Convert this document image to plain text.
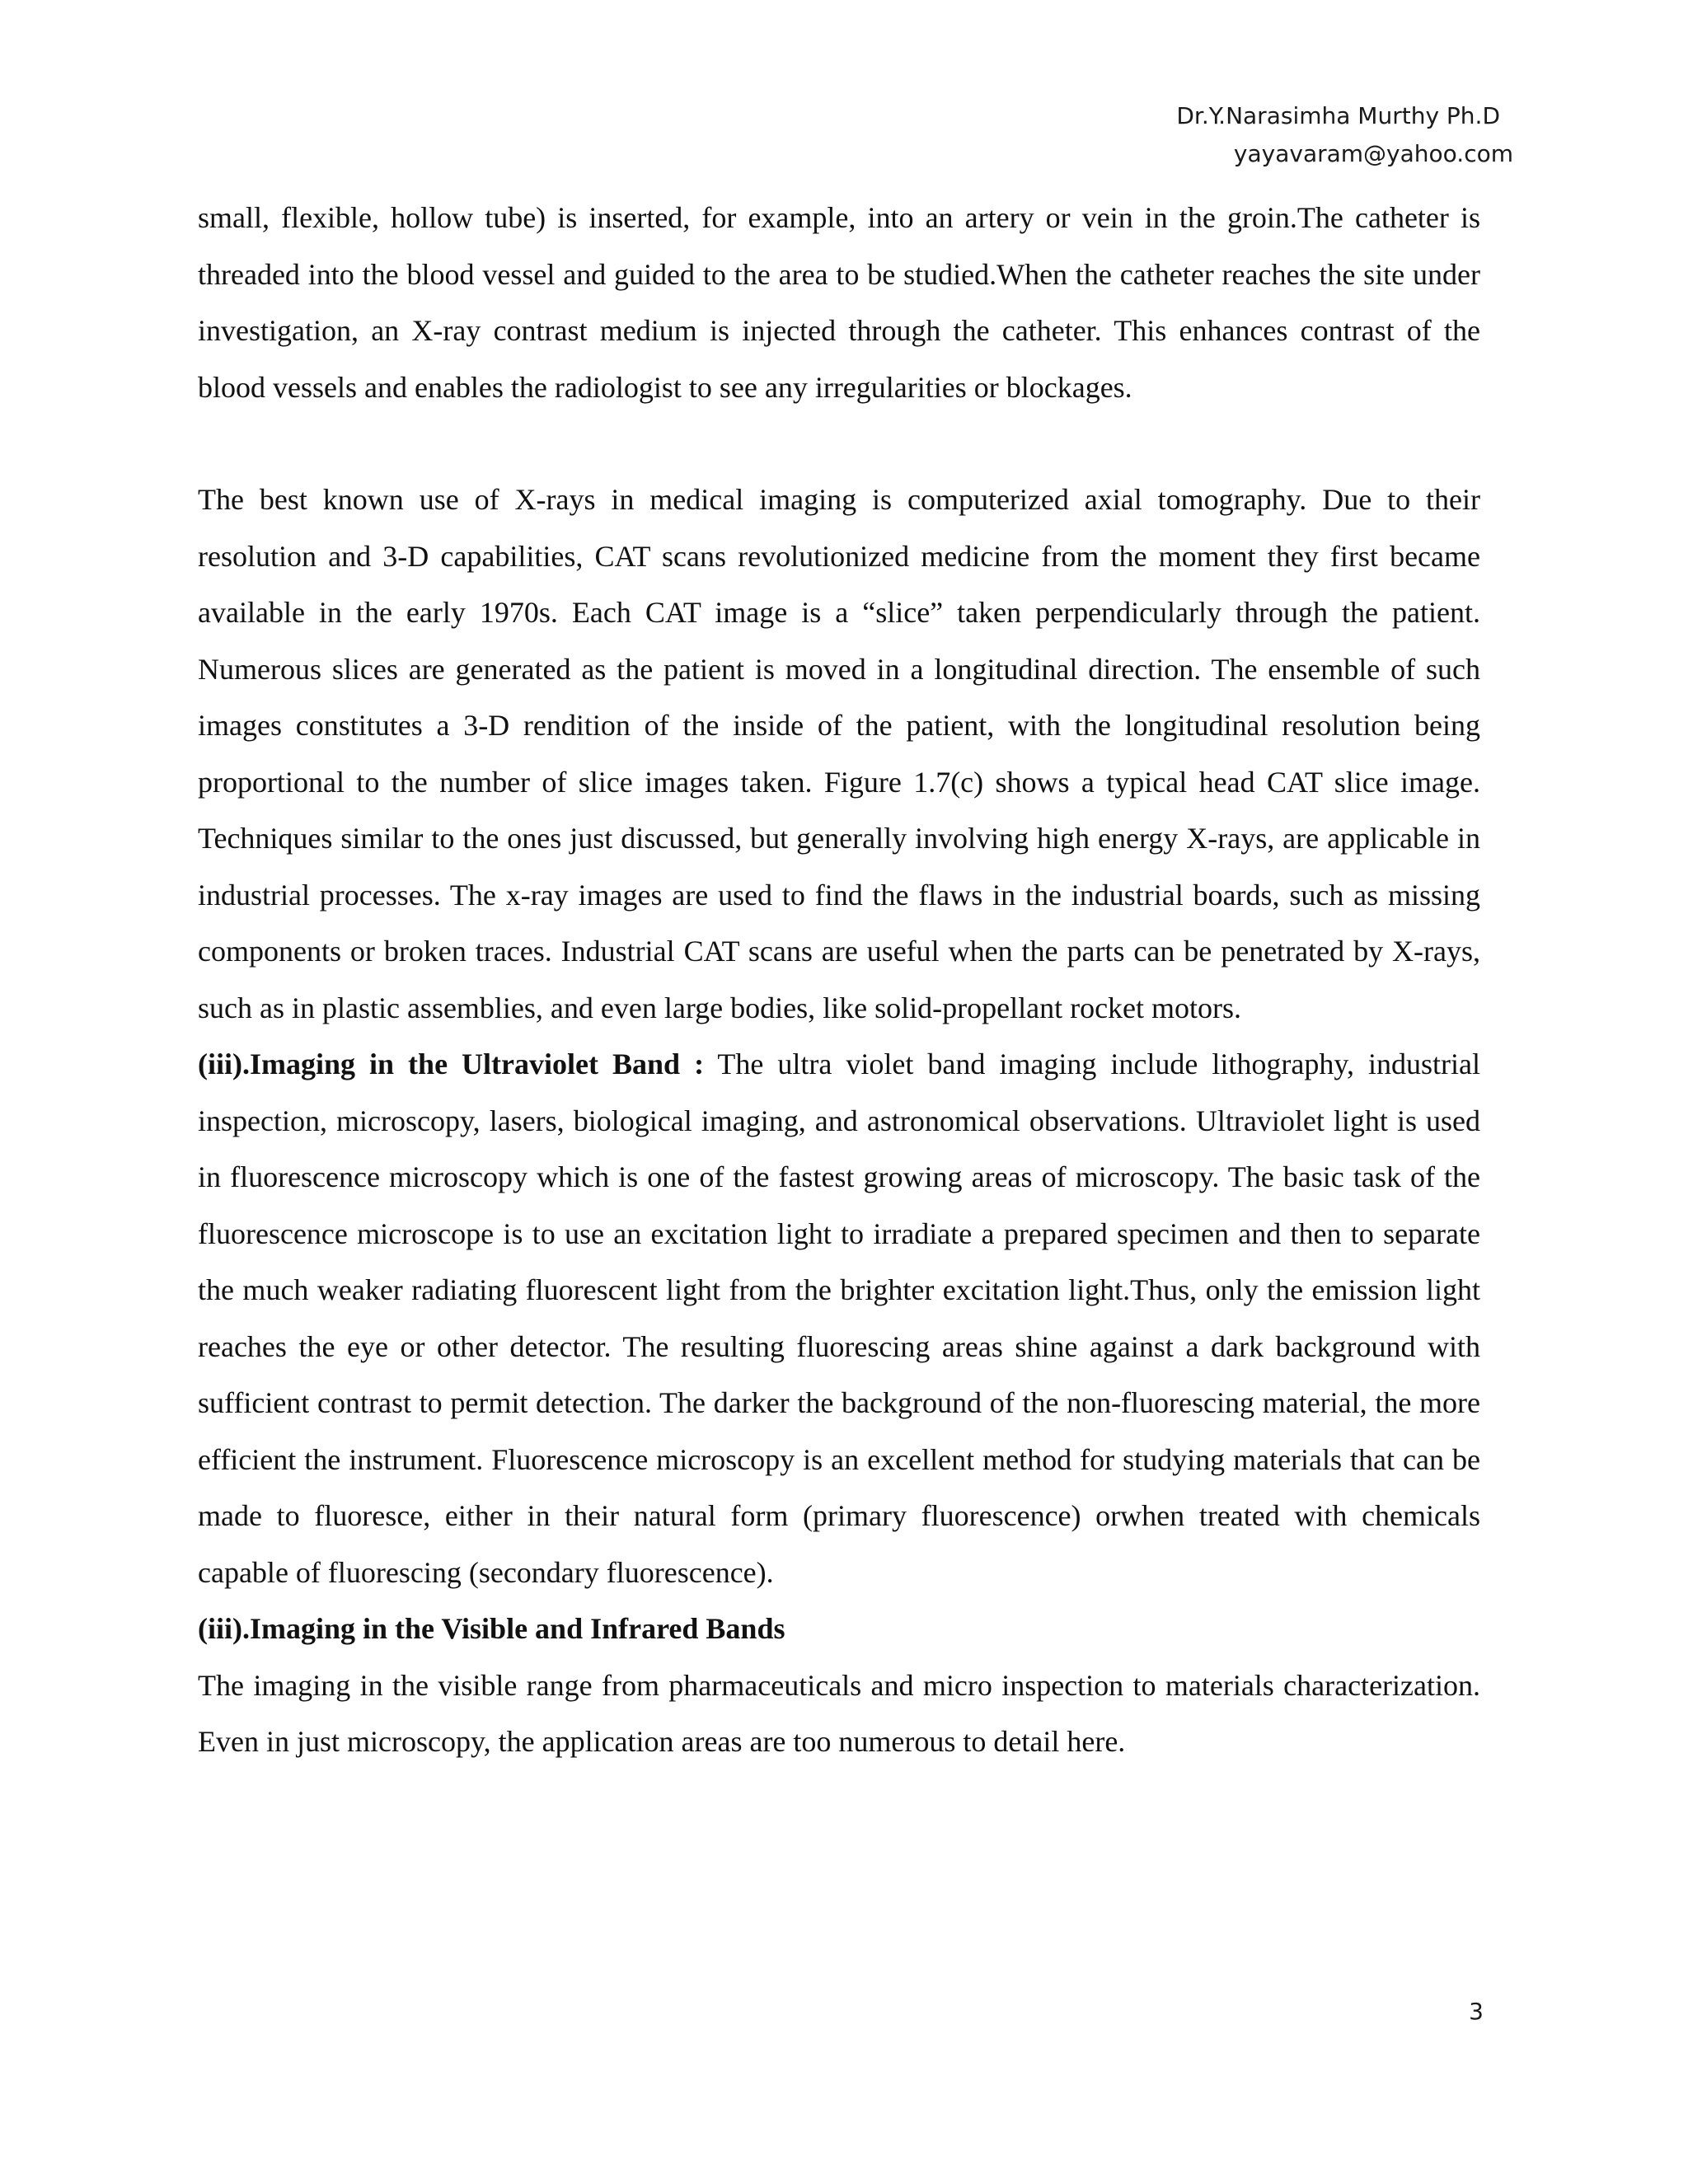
Dr.Y.Narasimha Murthy Ph.D
yayavaram@yahoo.com

small, flexible, hollow tube) is inserted, for example, into an artery or vein in the groin.The catheter is threaded into the blood vessel and guided to the area to be studied.When the catheter reaches the site under investigation, an X-ray contrast medium is injected through the catheter. This enhances contrast of the blood vessels and enables the radiologist to see any irregularities or blockages.

The best known use of X-rays in medical imaging is computerized axial tomography. Due to their resolution and 3-D capabilities, CAT scans revolutionized medicine from the moment they first became available in the early 1970s. Each CAT image is a “slice” taken perpendicularly through the patient. Numerous slices are generated as the patient is moved in a longitudinal direction. The ensemble of such images constitutes a 3-D rendition of the inside of the patient, with the longitudinal resolution being proportional to the number of slice images taken. Figure 1.7(c) shows a typical head CAT slice image. Techniques similar to the ones just discussed, but generally involving high energy X-rays, are applicable in industrial processes. The x-ray images are used to find the flaws in the industrial boards, such as missing components or broken traces. Industrial CAT scans are useful when the parts can be penetrated by X-rays, such as in plastic assemblies, and even large bodies, like solid-propellant rocket motors.

(iii).Imaging in the Ultraviolet Band : The ultra violet band imaging include lithography, industrial inspection, microscopy, lasers, biological imaging, and astronomical observations. Ultraviolet light is used in fluorescence microscopy which is one of the fastest growing areas of microscopy. The basic task of the fluorescence microscope is to use an excitation light to irradiate a prepared specimen and then to separate the much weaker radiating fluorescent light from the brighter excitation light.Thus, only the emission light reaches the eye or other detector. The resulting fluorescing areas shine against a dark background with sufficient contrast to permit detection. The darker the background of the non-fluorescing material, the more efficient the instrument. Fluorescence microscopy is an excellent method for studying materials that can be made to fluoresce, either in their natural form (primary fluorescence) orwhen treated with chemicals capable of fluorescing (secondary fluorescence).

(iii).Imaging in the Visible and Infrared Bands

The imaging in the visible range from pharmaceuticals and micro inspection to materials characterization. Even in just microscopy, the application areas are too numerous to detail here.

3
